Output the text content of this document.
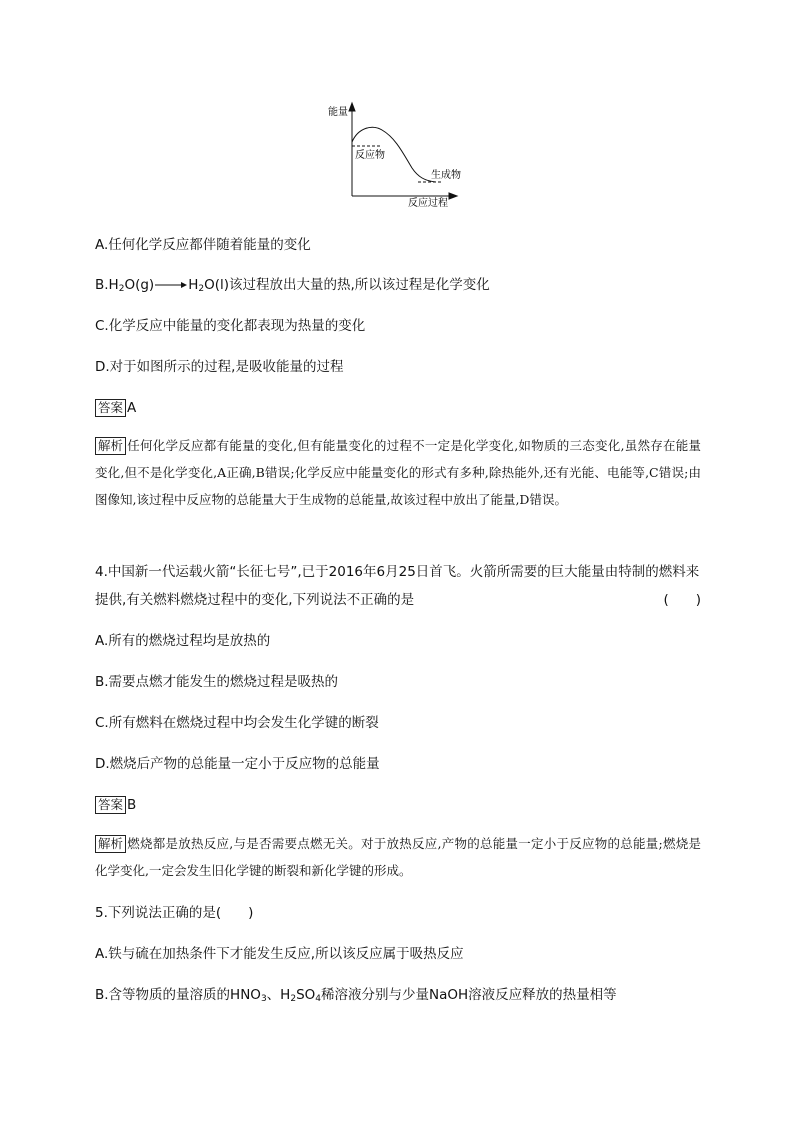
能量
反应物
生成物
反应过程
A.任何化学反应都伴随着能量的变化
$B.H_2O(g)\to H_2O(l)$该过程放出大量的热,所以该过程是化学变化
C.化学反应中能量的变化都表现为热量的变化
D.对于如图所示的过程,是吸收能量的过程
答案 A
解析 任何化学反应都有能量的变化,但有能量变化的过程不一定是化学变化,如物质的三态变化,虽然存在能量变化,但不是化学变化,A正确,B错误;化学反应中能量变化的形式有多种,除热能外,还有光能、电能等,C错误;由图像知,该过程中反应物的总能量大于生成物的总能量,故该过程中放出了能量,D错误。
4.中国新一代运载火箭“长征七号”,已于2016年6月25日首飞。火箭所需要的巨大能量由特制的燃料来提供,有关燃料燃烧过程中的变化,下列说法不正确的是	(　　)
A.所有的燃烧过程均是放热的
B.需要点燃才能发生的燃烧过程是吸热的
C.所有燃料在燃烧过程中均会发生化学键的断裂
D.燃烧后产物的总能量一定小于反应物的总能量
答案 B
解析 燃烧都是放热反应,与是否需要点燃无关。对于放热反应,产物的总能量一定小于反应物的总能量;燃烧是化学变化,一定会发生旧化学键的断裂和新化学键的形成。
5.下列说法正确的是(　　)
A.铁与硫在加热条件下才能发生反应,所以该反应属于吸热反应
B.含等物质的量溶质的$HNO_3$、$H_2SO_4$稀溶液分别与少量NaOH溶液反应释放的热量相等
